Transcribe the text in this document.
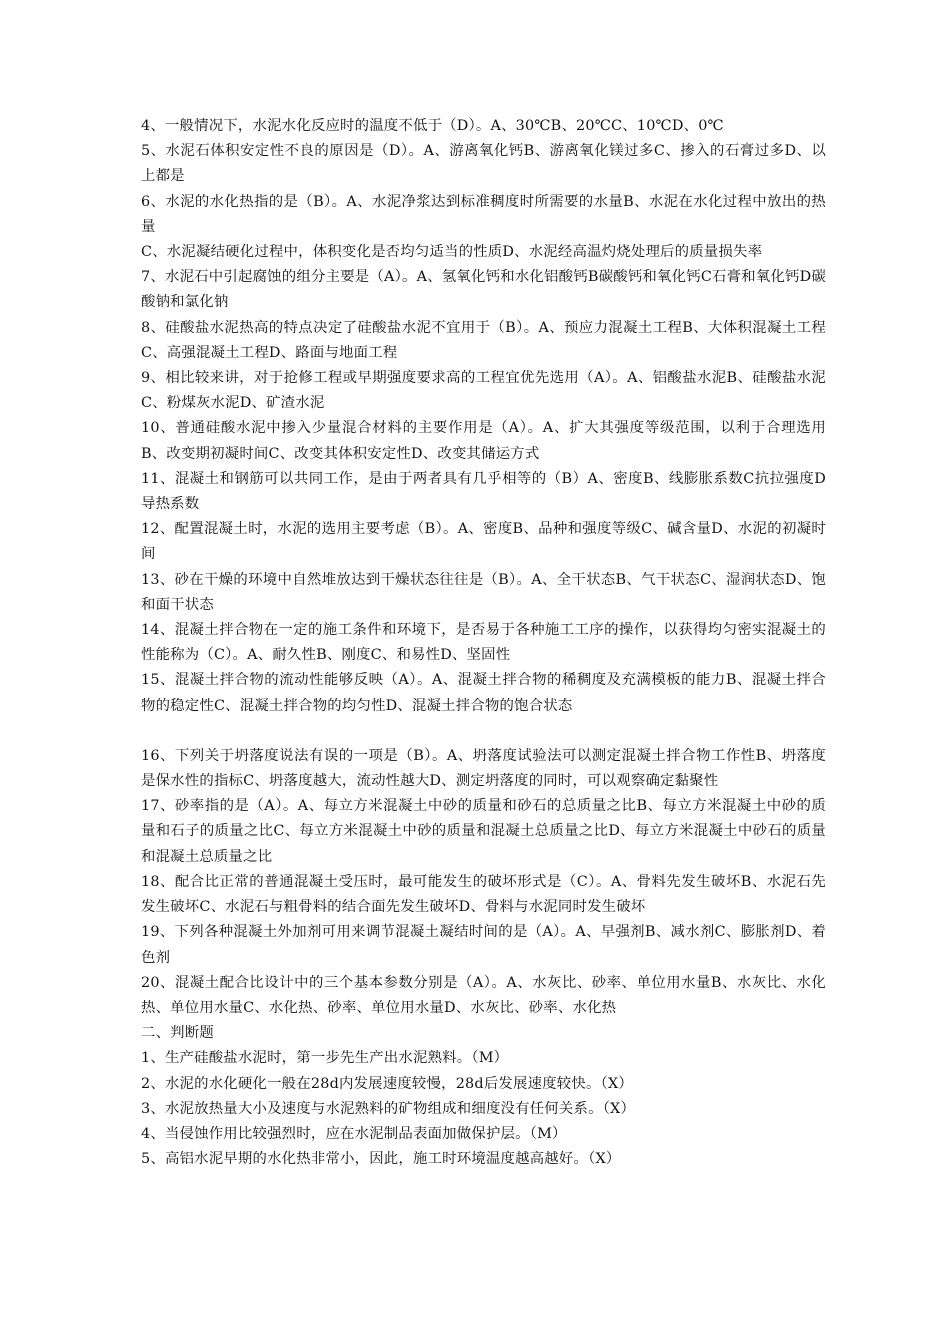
4、一般情况下，水泥水化反应时的温度不低于（D）。A、30℃B、20℃C、10℃D、0℃

5、水泥石体积安定性不良的原因是（D）。A、游离氧化钙B、游离氧化镁过多C、掺入的石膏过多D、以上都是

6、水泥的水化热指的是（B）。A、水泥净浆达到标准稠度时所需要的水量B、水泥在水化过程中放出的热量

C、水泥凝结硬化过程中，体积变化是否均匀适当的性质D、水泥经高温灼烧处理后的质量损失率

7、水泥石中引起腐蚀的组分主要是（A）。A、氢氧化钙和水化铝酸钙B碳酸钙和氧化钙C石膏和氧化钙D碳酸钠和氯化钠

8、硅酸盐水泥热高的特点决定了硅酸盐水泥不宜用于（B）。A、预应力混凝土工程B、大体积混凝土工程C、高强混凝土工程D、路面与地面工程

9、相比较来讲，对于抢修工程或早期强度要求高的工程宜优先选用（A）。A、铝酸盐水泥B、硅酸盐水泥C、粉煤灰水泥D、矿渣水泥

10、普通硅酸水泥中掺入少量混合材料的主要作用是（A）。A、扩大其强度等级范围，以利于合理选用B、改变期初凝时间C、改变其体积安定性D、改变其储运方式

11、混凝土和钢筋可以共同工作，是由于两者具有几乎相等的（B）A、密度B、线膨胀系数C抗拉强度D导热系数

12、配置混凝土时，水泥的选用主要考虑（B）。A、密度B、品种和强度等级C、碱含量D、水泥的初凝时间

13、砂在干燥的环境中自然堆放达到干燥状态往往是（B）。A、全干状态B、气干状态C、湿润状态D、饱和面干状态

14、混凝土拌合物在一定的施工条件和环境下，是否易于各种施工工序的操作，以获得均匀密实混凝土的性能称为（C）。A、耐久性B、刚度C、和易性D、坚固性

15、混凝土拌合物的流动性能够反映（A）。A、混凝土拌合物的稀稠度及充满模板的能力B、混凝土拌合物的稳定性C、混凝土拌合物的均匀性D、混凝土拌合物的饱合状态

16、下列关于坍落度说法有误的一项是（B）。A、坍落度试验法可以测定混凝土拌合物工作性B、坍落度是保水性的指标C、坍落度越大，流动性越大D、测定坍落度的同时，可以观察确定黏聚性

17、砂率指的是（A）。A、每立方米混凝土中砂的质量和砂石的总质量之比B、每立方米混凝土中砂的质量和石子的质量之比C、每立方米混凝土中砂的质量和混凝土总质量之比D、每立方米混凝土中砂石的质量和混凝土总质量之比

18、配合比正常的普通混凝土受压时，最可能发生的破坏形式是（C）。A、骨料先发生破坏B、水泥石先发生破坏C、水泥石与粗骨料的结合面先发生破坏D、骨料与水泥同时发生破坏

19、下列各种混凝土外加剂可用来调节混凝土凝结时间的是（A）。A、早强剂B、减水剂C、膨胀剂D、着色剂

20、混凝土配合比设计中的三个基本参数分别是（A）。A、水灰比、砂率、单位用水量B、水灰比、水化热、单位用水量C、水化热、砂率、单位用水量D、水灰比、砂率、水化热

二、判断题

1、生产硅酸盐水泥时，第一步先生产出水泥熟料。（M）

2、水泥的水化硬化一般在28d内发展速度较慢，28d后发展速度较快。（X）

3、水泥放热量大小及速度与水泥熟料的矿物组成和细度没有任何关系。（X）

4、当侵蚀作用比较强烈时，应在水泥制品表面加做保护层。（M）

5、高铝水泥早期的水化热非常小，因此，施工时环境温度越高越好。（X）
